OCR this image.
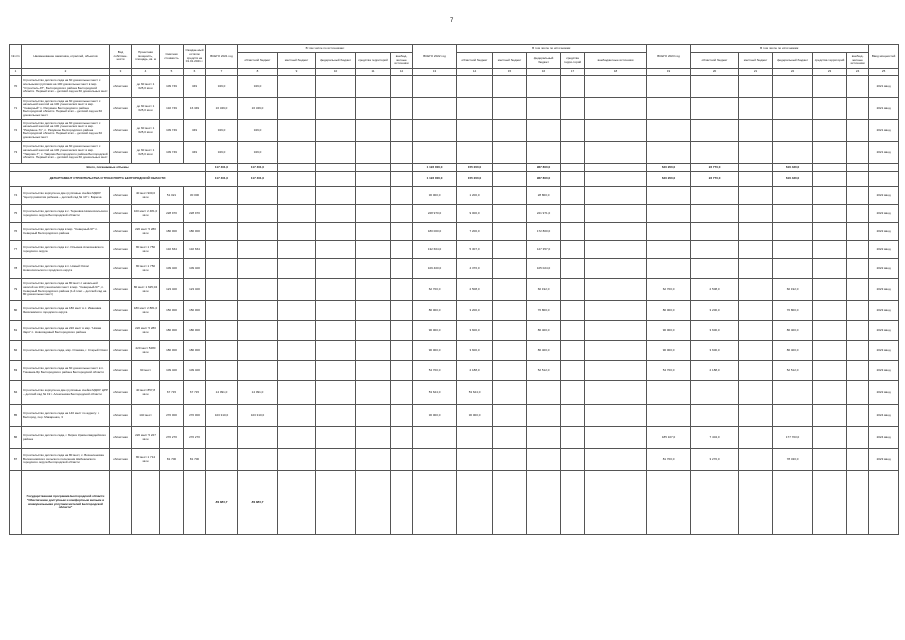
7
№ п/п	Наименование заказчика, отраслей, объектов	Вид собствен-ности	Проектная мощность, площадь, кв. м	Сметная стоимость	Ожидае-мый остаток средств на 01.01.2021 г.	ВСЕГО 2021 год	В том числе по источникам:					ВСЕГО 2022 год	В том числе по источникам:					ВСЕГО 2023 год	В том числе по источникам:					Ввод мощностей
							областной бюджет	местный бюджет	федеральный бюджет	средства территорий	внебюд-жетные источники		областной бюджет	местный бюджет	федеральный бюджет	средства терри-торий	внебюджетные источники		областной бюджет	местный бюджет	федеральный бюджет	средства территорий	внебюд-жетные источники	
1	2	3	4	5	6	7	8	9	10	11	12	13	14	15	16	17	18	19	20	21	22	23	24	25
70	Строительство детского сада на 60 дошкольных мест с ясельными группами на 100 дошкольных мест в мкр. "Строитель-97", Белгородского района Белгородской области. Первый этап – детский сад на 60 дошкольных мест	областная	до 60 мест 1 625,0 кв.м	109 749	349	349,0	349,0																	2021 ввод
71	Строительство детского сада на 60 дошкольных мест с начальной школой на 100 ученических мест в мкр. "Северный" п. Разумное Белгородского района Белгородской области. Первый этап – детский сад на 60 дошкольных мест	областная	до 60 мест 1 625,0 кв.м	132 749	16 349	16 349,0	16 349,0																	2021 ввод
72	Строительство детского сада на 60 дошкольных мест с начальной школой на 100 ученических мест в мкр. "Разумное-71", п. Разумное Белгородского района Белгородской области. Первый этап – детский сад на 60 дошкольных мест	областная	до 60 мест 1 625,0 кв.м	109 749	349	349,0	349,0																	2021 ввод
73	Строительство детского сада на 60 дошкольных мест с начальной школой на 100 ученических мест в мкр. "Таврово-7", с. Таврово Белгородского района Белгородской области. Первый этап – детский сад на 60 дошкольных мест	областная	до 60 мест 1 625,0 кв.м	109 749	349	349,0	349,0																	2021 ввод
Всего, погашаемые объемы						117 401,0	117 401,0					1 123 000,0	155 200,0		967 800,0			640 200,0	23 770,0		616 430,0			
ДЕПАРТАМЕНТ СТРОИТЕЛЬСТВА И ТРАНСПОРТА БЕЛГОРОДСКОЙ ОБЛАСТИ						117 401,0	117 401,0					1 123 000,0	155 200,0		967 800,0			640 200,0	23 770,0		616 430,0			
74	Строительство корпуса на две групповые ячейки МДОУ "Центр развития ребенка – детский сад № 10" г. Бирюча	областная	40 мест 900,0 кв.м	51 021	30 000							30 000,0	1 200,0		28 800,0									2022 ввод
75	Строительство детского сада в с. Терновка Новооскольского городского округа Белгородской области	областная	100 мест 2 481,0 кв.м	228 970	228 970							228 970,0	9 000,0		221 971,0									2022 ввод
76	Строительство детского сада в мкр. "Северный-97" п. Северный Белгородского района	областная	220 мест 5 280 кв.м	180 000	180 000							180 000,0	7 200,0		172 800,0									2022 ввод
77	Строительство детского сада в с. Ильинка Алексеевского городского округа	областная	80 мест 1 750 кв.м	132 664	132 664							132 664,0	5 307,0		127 357,0									2022 ввод
78	Строительство детского сада в п. Новый Оскол Новооскольского городского округа	областная	80 мест 1 750 кв.м	109 400	109 400							109 400,0	4 376,0		105 024,0									2022 ввод
79	Строительство детского сада на 80 мест с начальной школой на 100 ученических мест в мкр. "Северный-97", п. Северный Белгородского района (1-й этап – детский сад на 80 дошкольных мест)	областная	80 мест 1 625,04 кв.м	123 400	123 400							62 700,0	2 508,0		60 192,0			62 700,0	2 508,0		60 192,0			2023 ввод
80	Строительство детского сада на 180 мест в с. Ивановка Яковлевского городского округа	областная	180 мест 2 881,0 кв.м	150 000	150 000							80 000,0	3 200,0		76 800,0			80 000,0	3 200,0		76 800,0			2023 ввод
81	Строительство детского сада на 220 мест в мкр. "Новая Заря" п. Новосадовый Белгородского района	областная	220 мест 5 280 кв.м	180 000	180 000							90 000,0	3 600,0		86 400,0			90 000,0	3 600,0		86 400,0			2023 ввод
82	Строительство детского сада, мкр. Огиевка, г. Старый Оскол	областная	220 мест 5280 кв.м	180 000	180 000							90 000,0	3 600,0		86 400,0			90 000,0	3 600,0		86 400,0			2023 ввод
83	Строительство детского сада на 60 дошкольных мест в п. Тишанка-Яр Белгородского района Белгородской области	областная	90 мест	109 400	109 400							54 700,0	2 188,0		52 512,0			54 700,0	2 188,0		52 512,0			2023 ввод
84	Строительство корпуса на две групповые ячейки МДОУ ЦРР – детский сад № 19 г. Алексеевка Белгородской области	областная	40 мест 857,8 кв.м	67 715	67 715	14 091,0	14 091,0					53 624,0	53 624,0											2022 ввод
85	Строительство детского сада на 140 мест по адресу: г. Белгород, пер. Макаренко, 3	областная	140 мест	270 000	270 000	103 310,0	103 310,0					30 000,0	30 000,0											2024 ввод
86	Строительство детского сада, г. Бирюч Красногвардейского района	областная	220 мест 5 227 кв.м	270 270	270 270													185 107,0	7 404,0		177 703,0			2024 ввод
87	Строительство детского сада на 80 мест, с. Вознесеновка Волоконовского сельского поселения Шебекинского городского округа Белгородской области	областная	80 мест 1 714 кв.м	81 700	81 700													81 700,0	3 270,0		78 430,0			2023 ввод
	Государственная программа Белгородской области "Обеспечение доступным и комфортным жильем и коммунальными услугами жителей Белгородской области"					89 883,7	89 883,7																	
